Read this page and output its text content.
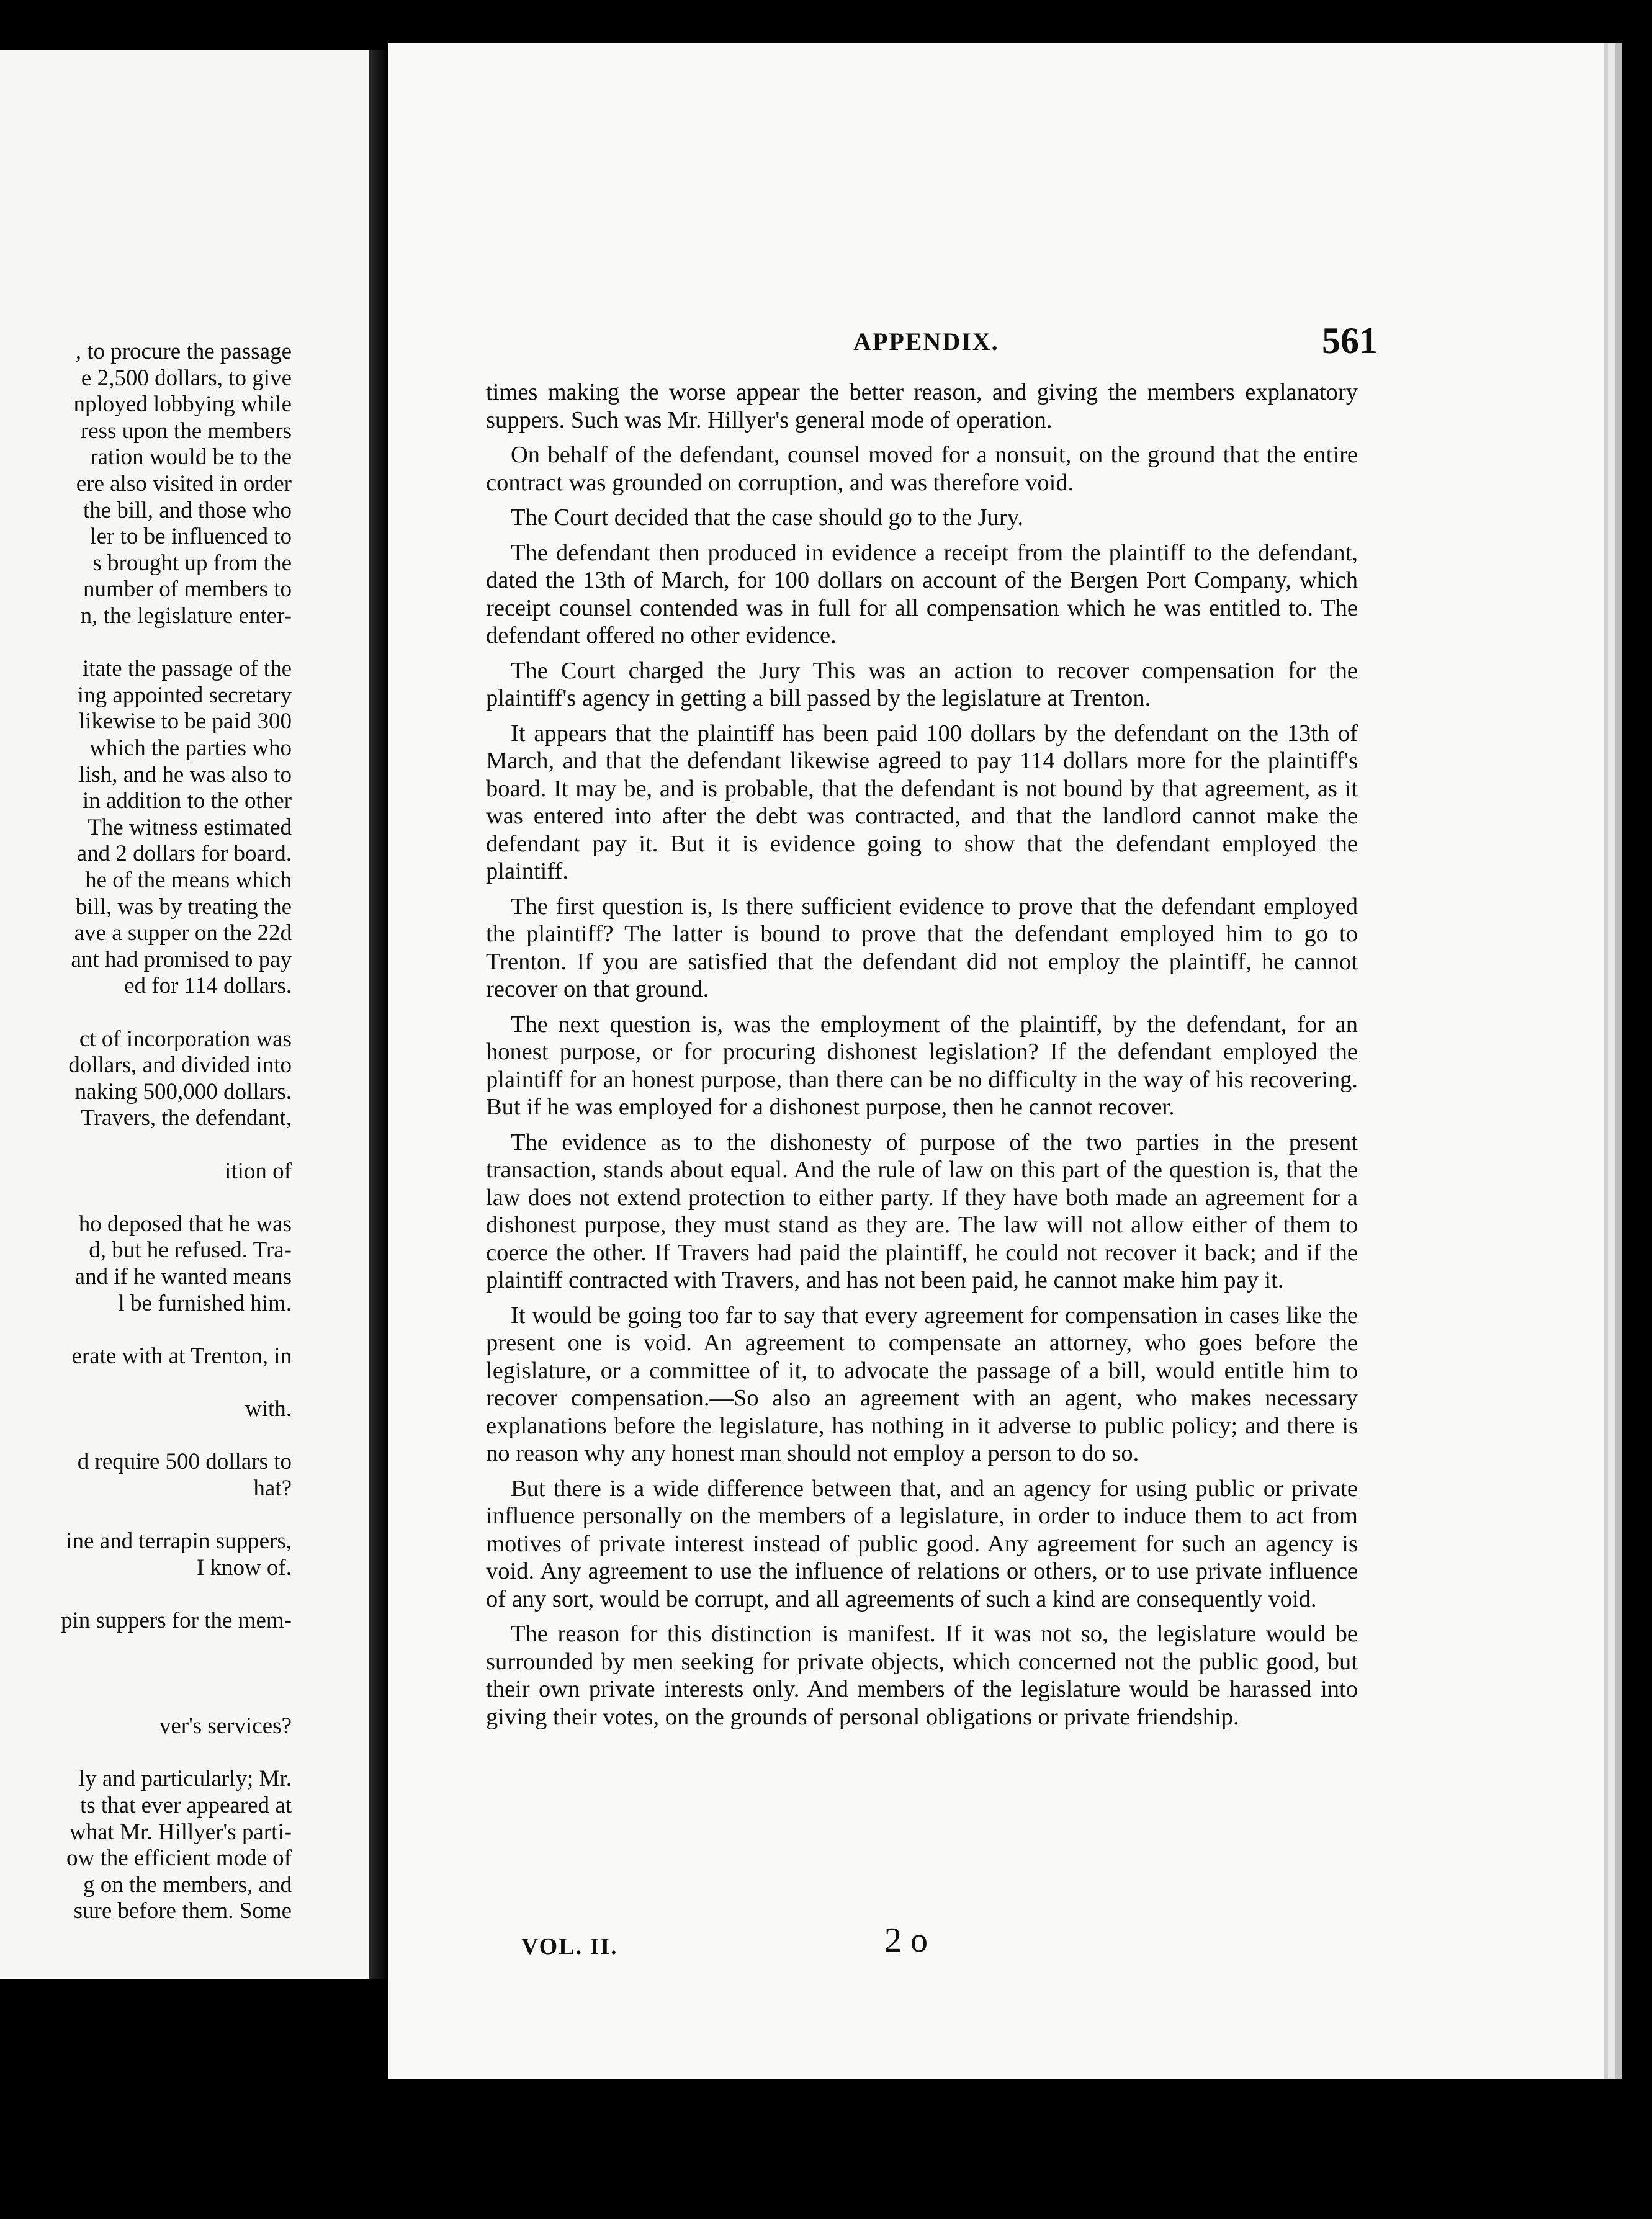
, to procure the passage
e 2,500 dollars, to give
nployed lobbying while
ress upon the members
ration would be to the
ere also visited in order
the bill, and those who
ler to be influenced to
s brought up from the
number of members to
n, the legislature enter-
itate the passage of the
ing appointed secretary
likewise to be paid 300
which the parties who
lish, and he was also to
in addition to the other
The witness estimated
and 2 dollars for board.
he of the means which
bill, was by treating the
ave a supper on the 22d
ant had promised to pay
ed for 114 dollars.
ct of incorporation was
dollars, and divided into
naking 500,000 dollars.
Travers, the defendant,
ition of
ho deposed that he was
d, but he refused. Tra-
and if he wanted means
l be furnished him.
erate with at Trenton, in
with.
d require 500 dollars to
hat?
ine and terrapin suppers,
I know of.
pin suppers for the mem-
ver's services?
ly and particularly; Mr.
ts that ever appeared at
what Mr. Hillyer's parti-
ow the efficient mode of
g on the members, and
sure before them. Some
APPENDIX.	561

times making the worse appear the better reason, and giving the members explanatory suppers. Such was Mr. Hillyer's general mode of operation.

On behalf of the defendant, counsel moved for a nonsuit, on the ground that the entire contract was grounded on corruption, and was therefore void.

The Court decided that the case should go to the Jury.

The defendant then produced in evidence a receipt from the plaintiff to the defendant, dated the 13th of March, for 100 dollars on account of the Bergen Port Company, which receipt counsel contended was in full for all compensation which he was entitled to. The defendant offered no other evidence.

The Court charged the Jury This was an action to recover compensation for the plaintiff's agency in getting a bill passed by the legislature at Trenton.

It appears that the plaintiff has been paid 100 dollars by the defendant on the 13th of March, and that the defendant likewise agreed to pay 114 dollars more for the plaintiff's board. It may be, and is probable, that the defendant is not bound by that agreement, as it was entered into after the debt was contracted, and that the landlord cannot make the defendant pay it. But it is evidence going to show that the defendant employed the plaintiff.

The first question is, Is there sufficient evidence to prove that the defendant employed the plaintiff? The latter is bound to prove that the defendant employed him to go to Trenton. If you are satisfied that the defendant did not employ the plaintiff, he cannot recover on that ground.

The next question is, was the employment of the plaintiff, by the defendant, for an honest purpose, or for procuring dishonest legislation? If the defendant employed the plaintiff for an honest purpose, than there can be no difficulty in the way of his recovering. But if he was employed for a dishonest purpose, then he cannot recover.

The evidence as to the dishonesty of purpose of the two parties in the present transaction, stands about equal. And the rule of law on this part of the question is, that the law does not extend protection to either party. If they have both made an agreement for a dishonest purpose, they must stand as they are. The law will not allow either of them to coerce the other. If Travers had paid the plaintiff, he could not recover it back; and if the plaintiff contracted with Travers, and has not been paid, he cannot make him pay it.

It would be going too far to say that every agreement for compensation in cases like the present one is void. An agreement to compensate an attorney, who goes before the legislature, or a committee of it, to advocate the passage of a bill, would entitle him to recover compensation.—So also an agreement with an agent, who makes necessary explanations before the legislature, has nothing in it adverse to public policy; and there is no reason why any honest man should not employ a person to do so.

But there is a wide difference between that, and an agency for using public or private influence personally on the members of a legislature, in order to induce them to act from motives of private interest instead of public good. Any agreement for such an agency is void. Any agreement to use the influence of relations or others, or to use private influence of any sort, would be corrupt, and all agreements of such a kind are consequently void.

The reason for this distinction is manifest. If it was not so, the legislature would be surrounded by men seeking for private objects, which concerned not the public good, but their own private interests only. And members of the legislature would be harassed into giving their votes, on the grounds of personal obligations or private friendship.

VOL. II.	2 o
